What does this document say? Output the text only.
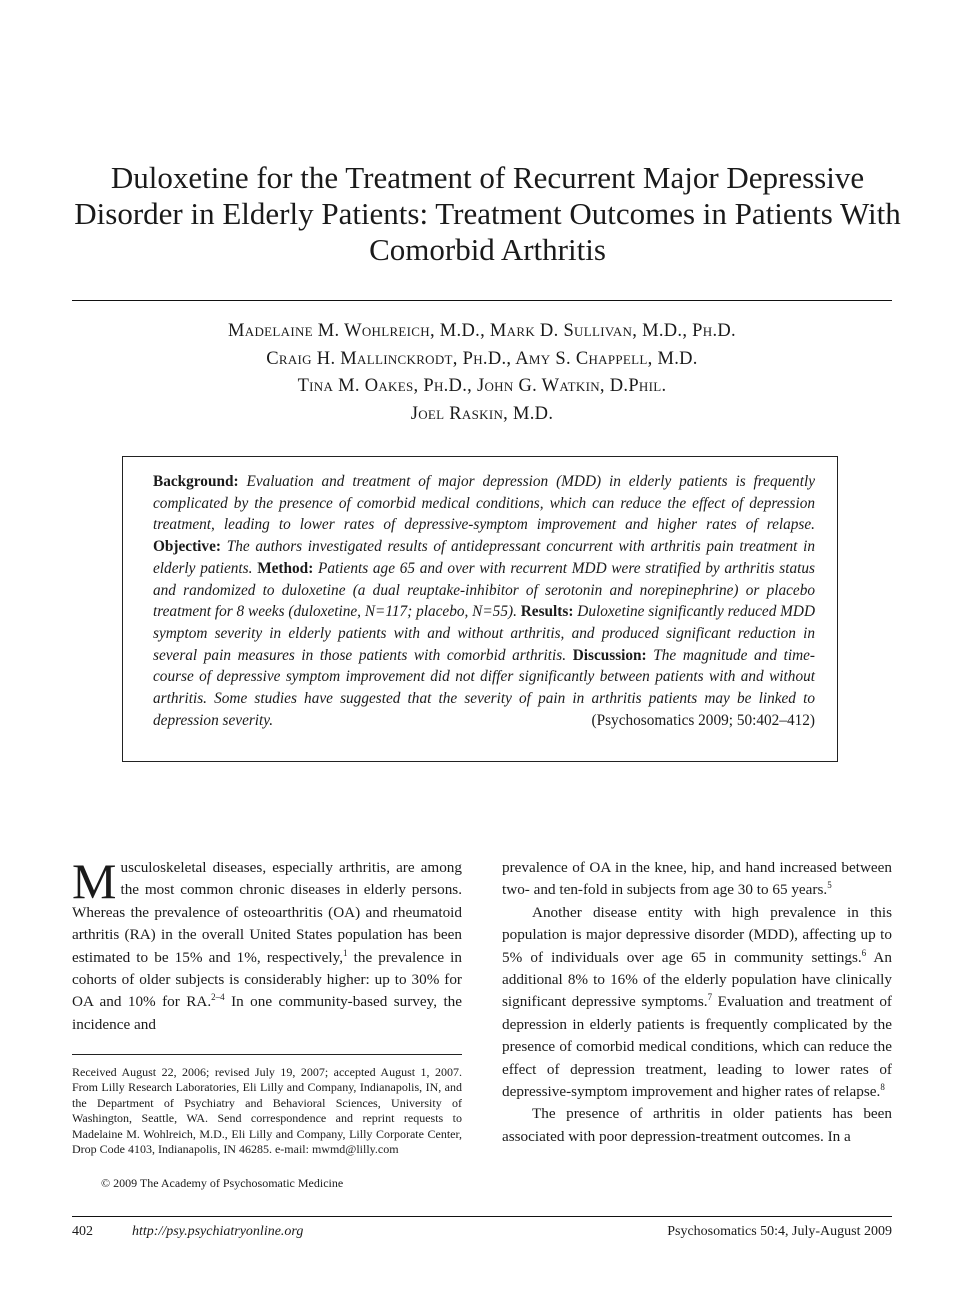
Duloxetine for the Treatment of Recurrent Major Depressive Disorder in Elderly Patients: Treatment Outcomes in Patients With Comorbid Arthritis
Madelaine M. Wohlreich, M.D., Mark D. Sullivan, M.D., Ph.D.
Craig H. Mallinckrodt, Ph.D., Amy S. Chappell, M.D.
Tina M. Oakes, Ph.D., John G. Watkin, D.Phil.
Joel Raskin, M.D.
Background: Evaluation and treatment of major depression (MDD) in elderly patients is frequently complicated by the presence of comorbid medical conditions, which can reduce the effect of depression treatment, leading to lower rates of depressive-symptom improvement and higher rates of relapse. Objective: The authors investigated results of antidepressant concurrent with arthritis pain treatment in elderly patients. Method: Patients age 65 and over with recurrent MDD were stratified by arthritis status and randomized to duloxetine (a dual reuptake-inhibitor of serotonin and norepinephrine) or placebo treatment for 8 weeks (duloxetine, N=117; placebo, N=55). Results: Duloxetine significantly reduced MDD symptom severity in elderly patients with and without arthritis, and produced significant reduction in several pain measures in those patients with comorbid arthritis. Discussion: The magnitude and time-course of depressive symptom improvement did not differ significantly between patients with and without arthritis. Some studies have suggested that the severity of pain in arthritis patients may be linked to depression severity.	(Psychosomatics 2009; 50:402–412)

Musculoskeletal diseases, especially arthritis, are among the most common chronic diseases in elderly persons. Whereas the prevalence of osteoarthritis (OA) and rheumatoid arthritis (RA) in the overall United States population has been estimated to be 15% and 1%, respectively,$^1$ the prevalence in cohorts of older subjects is considerably higher: up to 30% for OA and 10% for RA.$^{2-4}$ In one community-based survey, the incidence and

prevalence of OA in the knee, hip, and hand increased between two- and ten-fold in subjects from age 30 to 65 years.$^5$

Another disease entity with high prevalence in this population is major depressive disorder (MDD), affecting up to 5% of individuals over age 65 in community settings.$^6$ An additional 8% to 16% of the elderly population have clinically significant depressive symptoms.$^7$ Evaluation and treatment of depression in elderly patients is frequently complicated by the presence of comorbid medical conditions, which can reduce the effect of depression treatment, leading to lower rates of depressive-symptom improvement and higher rates of relapse.$^8$

The presence of arthritis in older patients has been associated with poor depression-treatment outcomes. In a

Received August 22, 2006; revised July 19, 2007; accepted August 1, 2007. From Lilly Research Laboratories, Eli Lilly and Company, Indianapolis, IN, and the Department of Psychiatry and Behavioral Sciences, University of Washington, Seattle, WA. Send correspondence and reprint requests to Madelaine M. Wohlreich, M.D., Eli Lilly and Company, Lilly Corporate Center, Drop Code 4103, Indianapolis, IN 46285. e-mail: mwmd@lilly.com
© 2009 The Academy of Psychosomatic Medicine
402	http://psy.psychiatryonline.org	Psychosomatics 50:4, July-August 2009
